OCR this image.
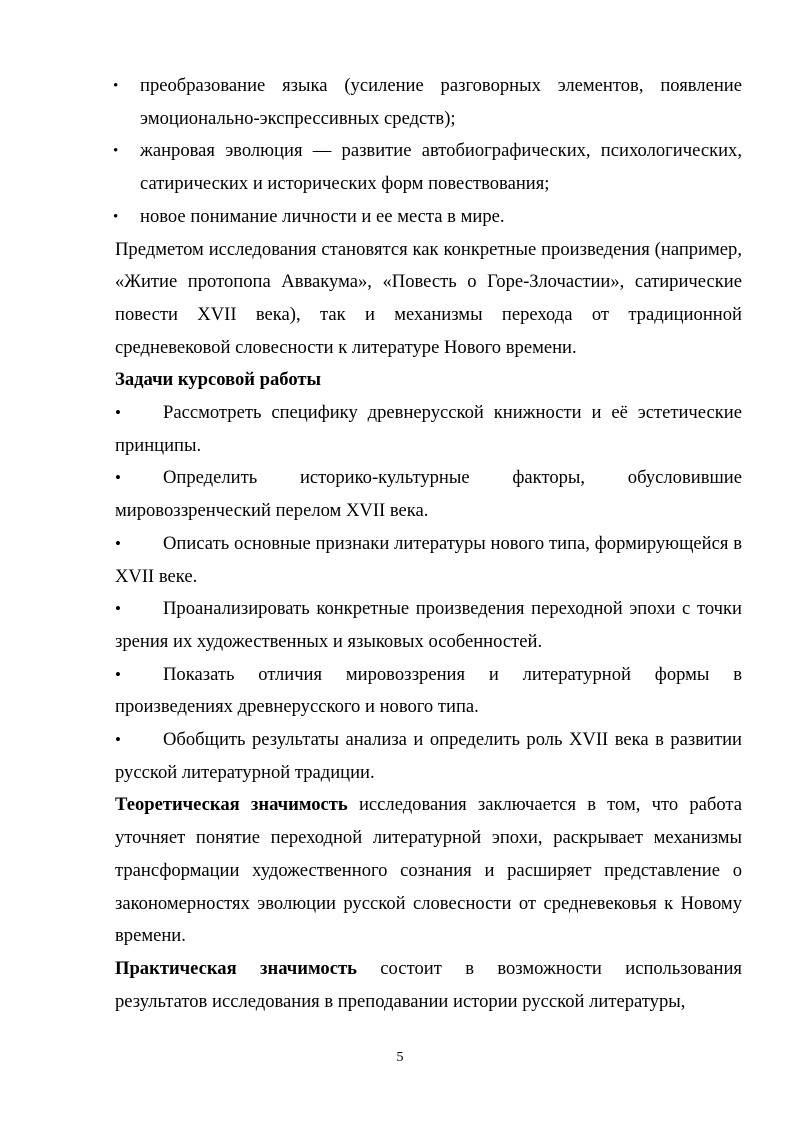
• преобразование языка (усиление разговорных элементов, появление эмоционально-экспрессивных средств);
• жанровая эволюция — развитие автобиографических, психологических, сатирических и исторических форм повествования;
• новое понимание личности и ее места в мире.

Предметом исследования становятся как конкретные произведения (например, «Житие протопопа Аввакума», «Повесть о Горе-Злочастии», сатирические повести XVII века), так и механизмы перехода от традиционной средневековой словесности к литературе Нового времени.

Задачи курсовой работы

• Рассмотреть специфику древнерусской книжности и её эстетические принципы.
• Определить историко-культурные факторы, обусловившие мировоззренческий перелом XVII века.
• Описать основные признаки литературы нового типа, формирующейся в XVII веке.
• Проанализировать конкретные произведения переходной эпохи с точки зрения их художественных и языковых особенностей.
• Показать отличия мировоззрения и литературной формы в произведениях древнерусского и нового типа.
• Обобщить результаты анализа и определить роль XVII века в развитии русской литературной традиции.

Теоретическая значимость исследования заключается в том, что работа уточняет понятие переходной литературной эпохи, раскрывает механизмы трансформации художественного сознания и расширяет представление о закономерностях эволюции русской словесности от средневековья к Новому времени.

Практическая значимость состоит в возможности использования результатов исследования в преподавании истории русской литературы,

5
